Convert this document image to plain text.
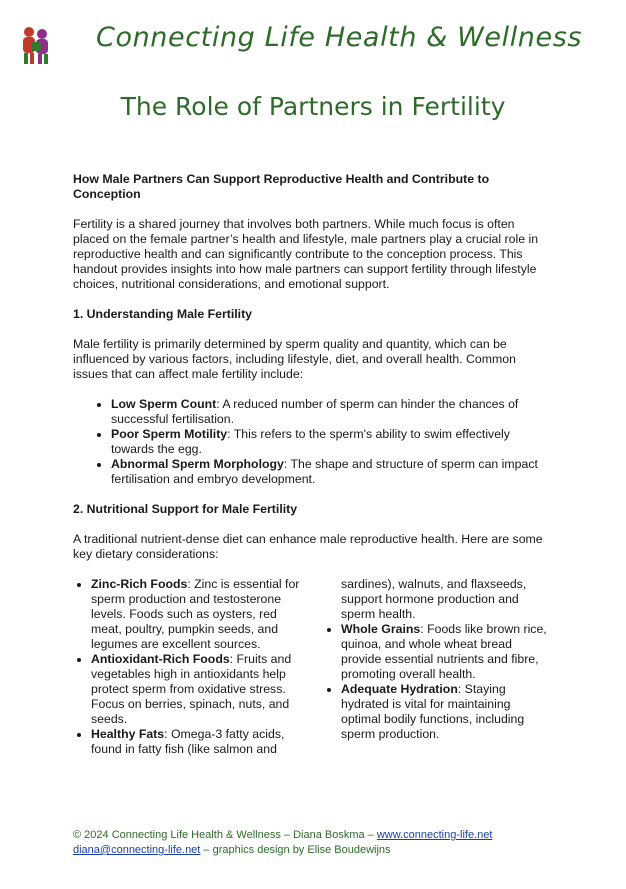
Connecting Life Health & Wellness
The Role of Partners in Fertility

How Male Partners Can Support Reproductive Health and Contribute to Conception

Fertility is a shared journey that involves both partners. While much focus is often placed on the female partner’s health and lifestyle, male partners play a crucial role in reproductive health and can significantly contribute to the conception process. This handout provides insights into how male partners can support fertility through lifestyle choices, nutritional considerations, and emotional support.

1. Understanding Male Fertility

Male fertility is primarily determined by sperm quality and quantity, which can be influenced by various factors, including lifestyle, diet, and overall health. Common issues that can affect male fertility include:

• Low Sperm Count: A reduced number of sperm can hinder the chances of successful fertilisation.
• Poor Sperm Motility: This refers to the sperm's ability to swim effectively towards the egg.
• Abnormal Sperm Morphology: The shape and structure of sperm can impact fertilisation and embryo development.

2. Nutritional Support for Male Fertility

A traditional nutrient-dense diet can enhance male reproductive health. Here are some key dietary considerations:

• Zinc-Rich Foods: Zinc is essential for sperm production and testosterone levels. Foods such as oysters, red meat, poultry, pumpkin seeds, and legumes are excellent sources.
• Antioxidant-Rich Foods: Fruits and vegetables high in antioxidants help protect sperm from oxidative stress. Focus on berries, spinach, nuts, and seeds.
• Healthy Fats: Omega-3 fatty acids, found in fatty fish (like salmon and
sardines), walnuts, and flaxseeds, support hormone production and sperm health.
• Whole Grains: Foods like brown rice, quinoa, and whole wheat bread provide essential nutrients and fibre, promoting overall health.
• Adequate Hydration: Staying hydrated is vital for maintaining optimal bodily functions, including sperm production.
© 2024 Connecting Life Health & Wellness – Diana Boskma – www.connecting-life.net
diana@connecting-life.net – graphics design by Elise Boudewijns
